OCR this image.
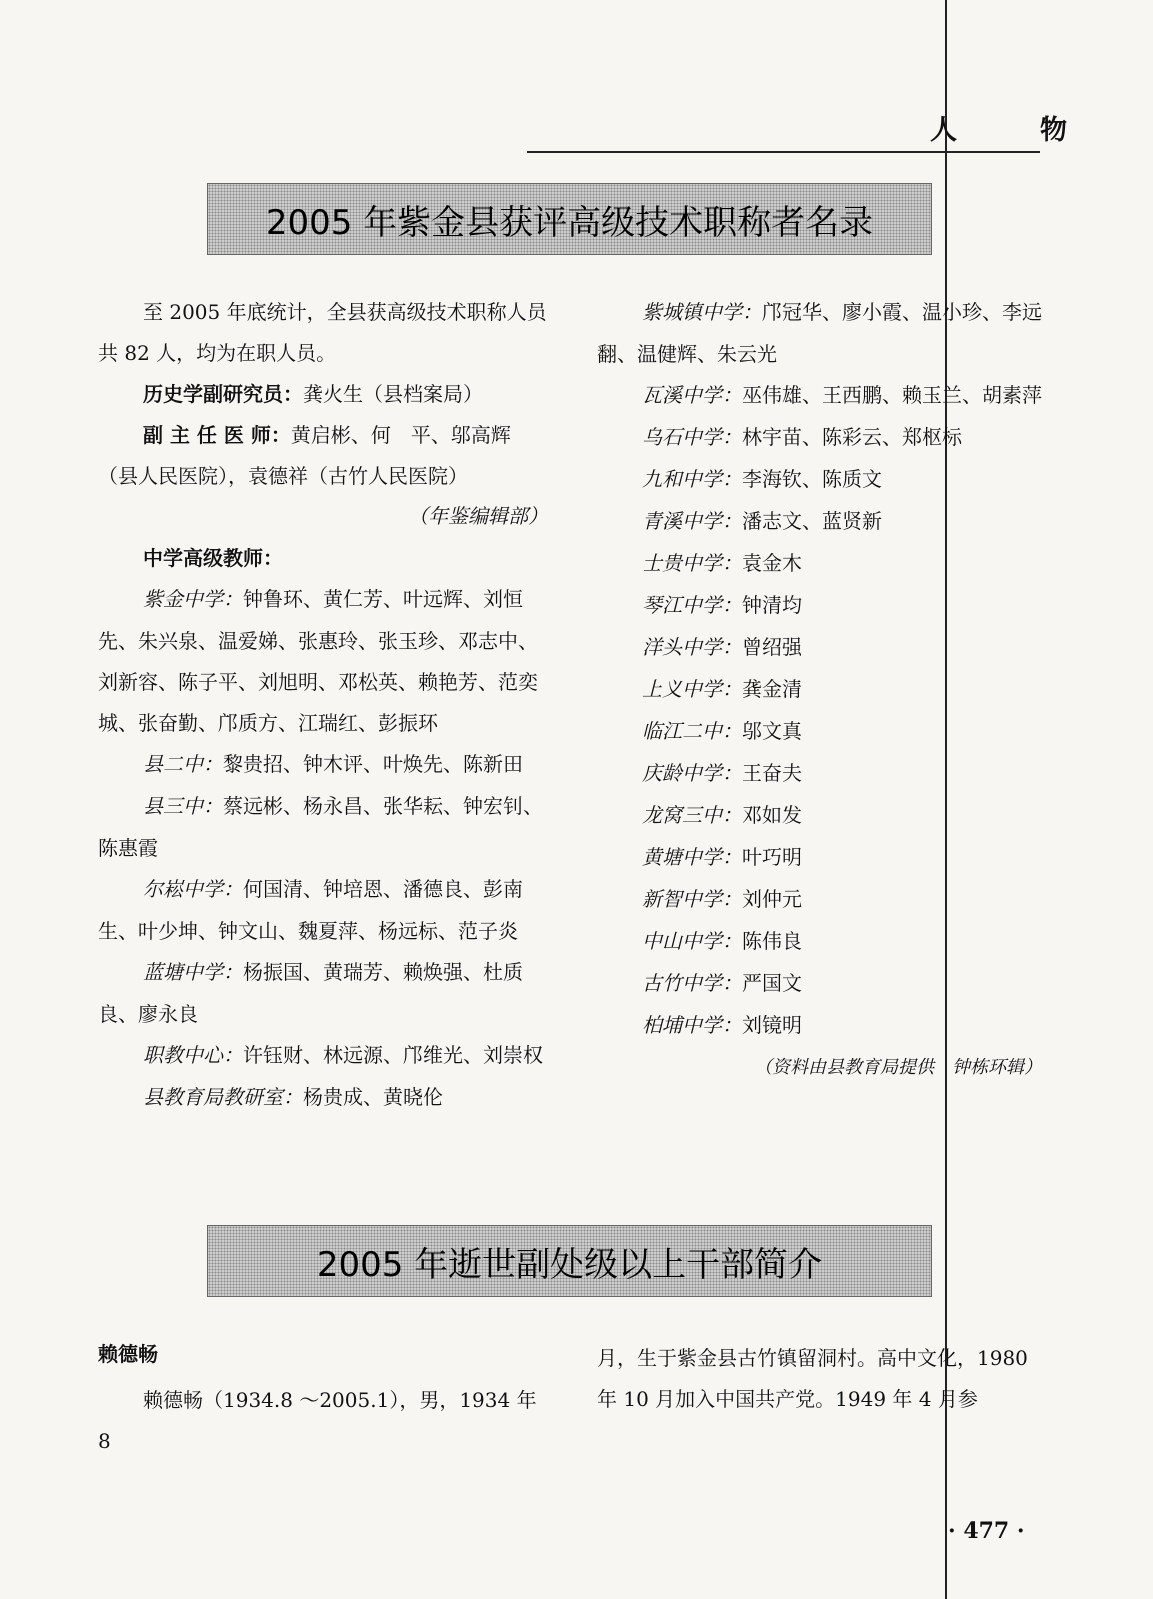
人　物
2005 年紫金县获评高级技术职称者名录

至 2005 年底统计，全县获高级技术职称人员共 82 人，均为在职人员。

历史学副研究员：龚火生（县档案局）

副 主 任 医 师：黄启彬、何　平、邬高辉（县人民医院），袁德祥（古竹人民医院）

（年鉴编辑部）

中学高级教师：

紫金中学：钟鲁环、黄仁芳、叶远辉、刘恒先、朱兴泉、温爱娣、张惠玲、张玉珍、邓志中、刘新容、陈子平、刘旭明、邓松英、赖艳芳、范奕城、张奋勤、邝质方、江瑞红、彭振环

县二中：黎贵招、钟木评、叶焕先、陈新田

县三中：蔡远彬、杨永昌、张华耘、钟宏钊、陈惠霞

尔崧中学：何国清、钟培恩、潘德良、彭南生、叶少坤、钟文山、魏夏萍、杨远标、范子炎

蓝塘中学：杨振国、黄瑞芳、赖焕强、杜质良、廖永良

职教中心：许钰财、林远源、邝维光、刘崇权

县教育局教研室：杨贵成、黄晓伦

紫城镇中学：邝冠华、廖小霞、温小珍、李远翻、温健辉、朱云光

瓦溪中学：巫伟雄、王西鹏、赖玉兰、胡素萍

乌石中学：林宇苗、陈彩云、郑枢标

九和中学：李海钦、陈质文

青溪中学：潘志文、蓝贤新

士贵中学：袁金木

琴江中学：钟清均

洋头中学：曾绍强

上义中学：龚金清

临江二中：邬文真

庆龄中学：王奋夫

龙窝三中：邓如发

黄塘中学：叶巧明

新智中学：刘仲元

中山中学：陈伟良

古竹中学：严国文

柏埔中学：刘镜明

（资料由县教育局提供　钟栋环辑）

2005 年逝世副处级以上干部简介
赖德畅

赖德畅（1934.8 ～2005.1），男，1934 年 8

月，生于紫金县古竹镇留洞村。高中文化，1980 年 10 月加入中国共产党。1949 年 4 月参
· 477 ·
